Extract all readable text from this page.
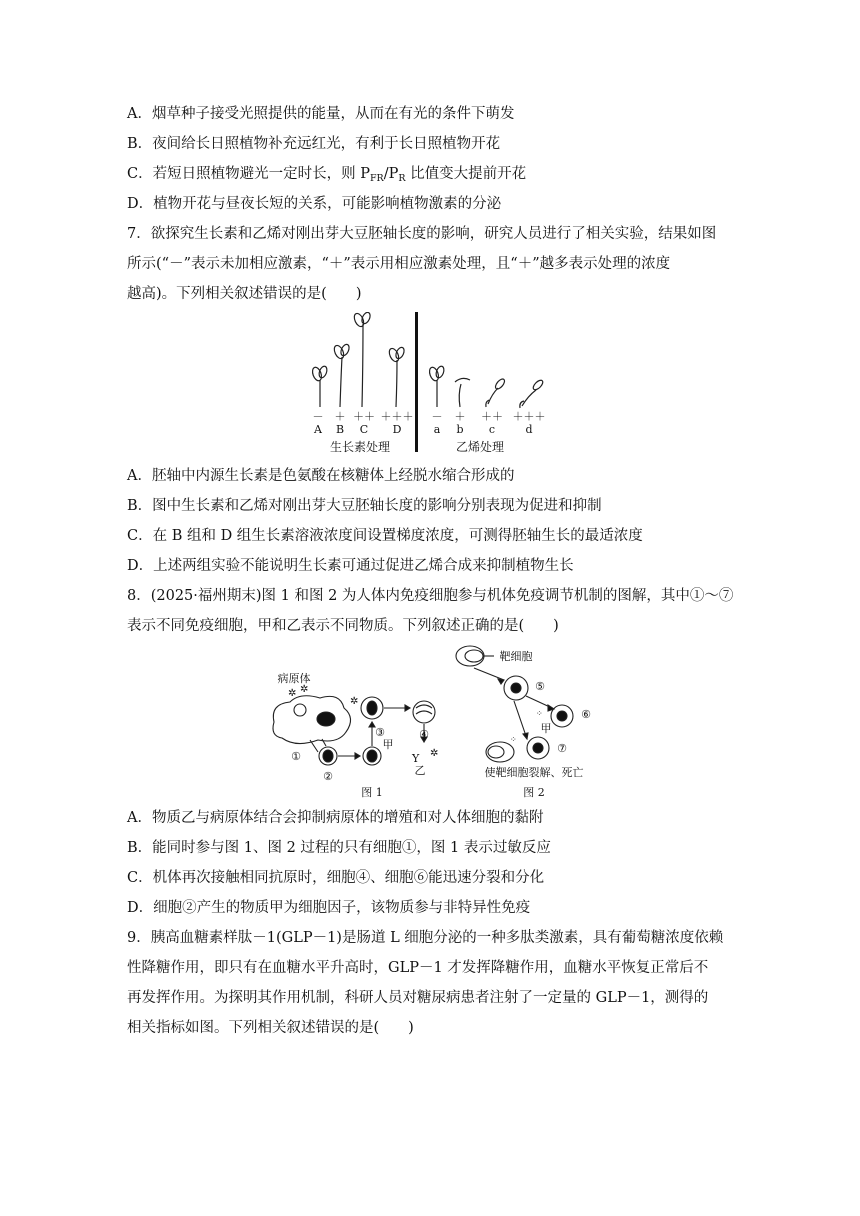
A．烟草种子接受光照提供的能量，从而在有光的条件下萌发
B．夜间给长日照植物补充远红光，有利于长日照植物开花
C．若短日照植物避光一定时长，则 $P_{FR}/P_R$ 比值变大提前开花
D．植物开花与昼夜长短的关系，可能影响植物激素的分泌
7．欲探究生长素和乙烯对刚出芽大豆胚轴长度的影响，研究人员进行了相关实验，结果如图
所示(“－”表示未加相应激素，“＋”表示用相应激素处理，且“＋”越多表示处理的浓度
越高)。下列相关叙述错误的是(　　)
－ ＋ ＋＋ ＋＋＋
A B C D
生长素处理
－ ＋ ＋＋ ＋＋＋
a b c	d
乙烯处理
A．胚轴中内源生长素是色氨酸在核糖体上经脱水缩合形成的
B．图中生长素和乙烯对刚出芽大豆胚轴长度的影响分别表现为促进和抑制
C．在 B 组和 D 组生长素溶液浓度间设置梯度浓度，可测得胚轴生长的最适浓度
D．上述两组实验不能说明生长素可通过促进乙烯合成来抑制植物生长
8．(2025·福州期末)图 1 和图 2 为人体内免疫细胞参与机体免疫调节机制的图解，其中①～⑦
表示不同免疫细胞，甲和乙表示不同物质。下列叙述正确的是(　　)
✲ ✲
✲
Y ✲
⁘
⁘
病原体
①
②
③
甲
④
乙
靶细胞
⑤
⑥
甲
⑦
使靶细胞裂解、死亡
图 1	图 2
A．物质乙与病原体结合会抑制病原体的增殖和对人体细胞的黏附
B．能同时参与图 1、图 2 过程的只有细胞①，图 1 表示过敏反应
C．机体再次接触相同抗原时，细胞④、细胞⑥能迅速分裂和分化
D．细胞②产生的物质甲为细胞因子，该物质参与非特异性免疫
9．胰高血糖素样肽－1(GLP－1)是肠道 L 细胞分泌的一种多肽类激素，具有葡萄糖浓度依赖
性降糖作用，即只有在血糖水平升高时，GLP－1 才发挥降糖作用，血糖水平恢复正常后不
再发挥作用。为探明其作用机制，科研人员对糖尿病患者注射了一定量的 GLP－1，测得的
相关指标如图。下列相关叙述错误的是(　　)
